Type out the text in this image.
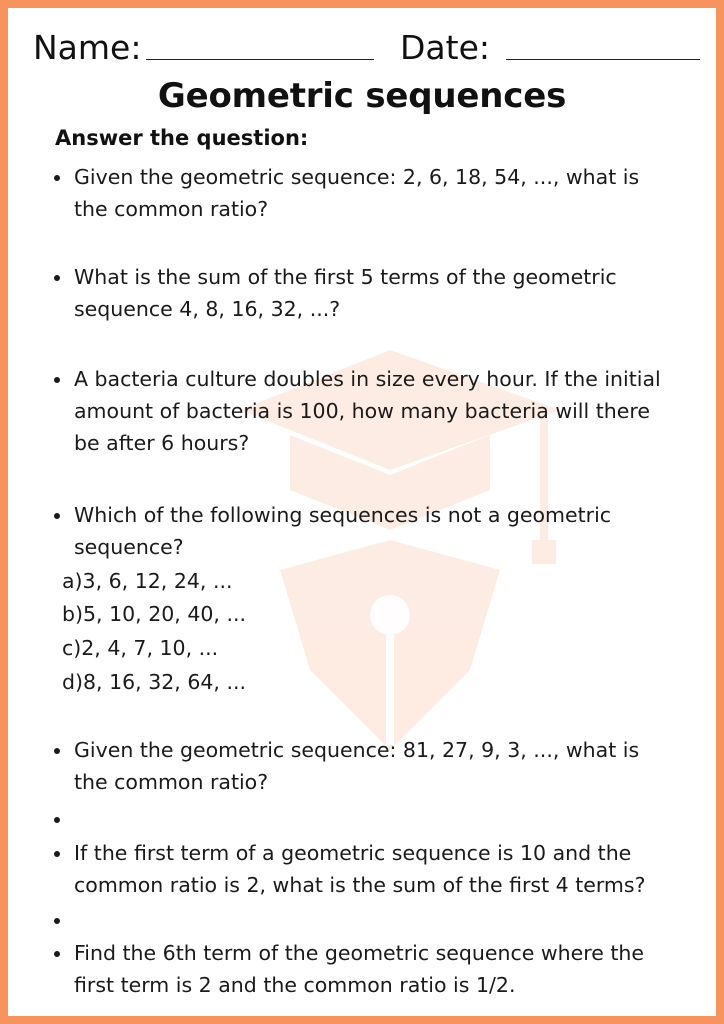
Name:	Date:
Geometric sequences
Answer the question:
Given the geometric sequence: 2, 6, 18, 54, ..., what is the common ratio?
What is the sum of the first 5 terms of the geometric sequence 4, 8, 16, 32, ...?
A bacteria culture doubles in size every hour. If the initial amount of bacteria is 100, how many bacteria will there be after 6 hours?
Which of the following sequences is not a geometric sequence?
a)3, 6, 12, 24, ...
b)5, 10, 20, 40, ...
c)2, 4, 7, 10, ...
d)8, 16, 32, 64, ...
Given the geometric sequence: 81, 27, 9, 3, ..., what is the common ratio?
If the first term of a geometric sequence is 10 and the common ratio is 2, what is the sum of the first 4 terms?
Find the 6th term of the geometric sequence where the first term is 2 and the common ratio is 1/2.
